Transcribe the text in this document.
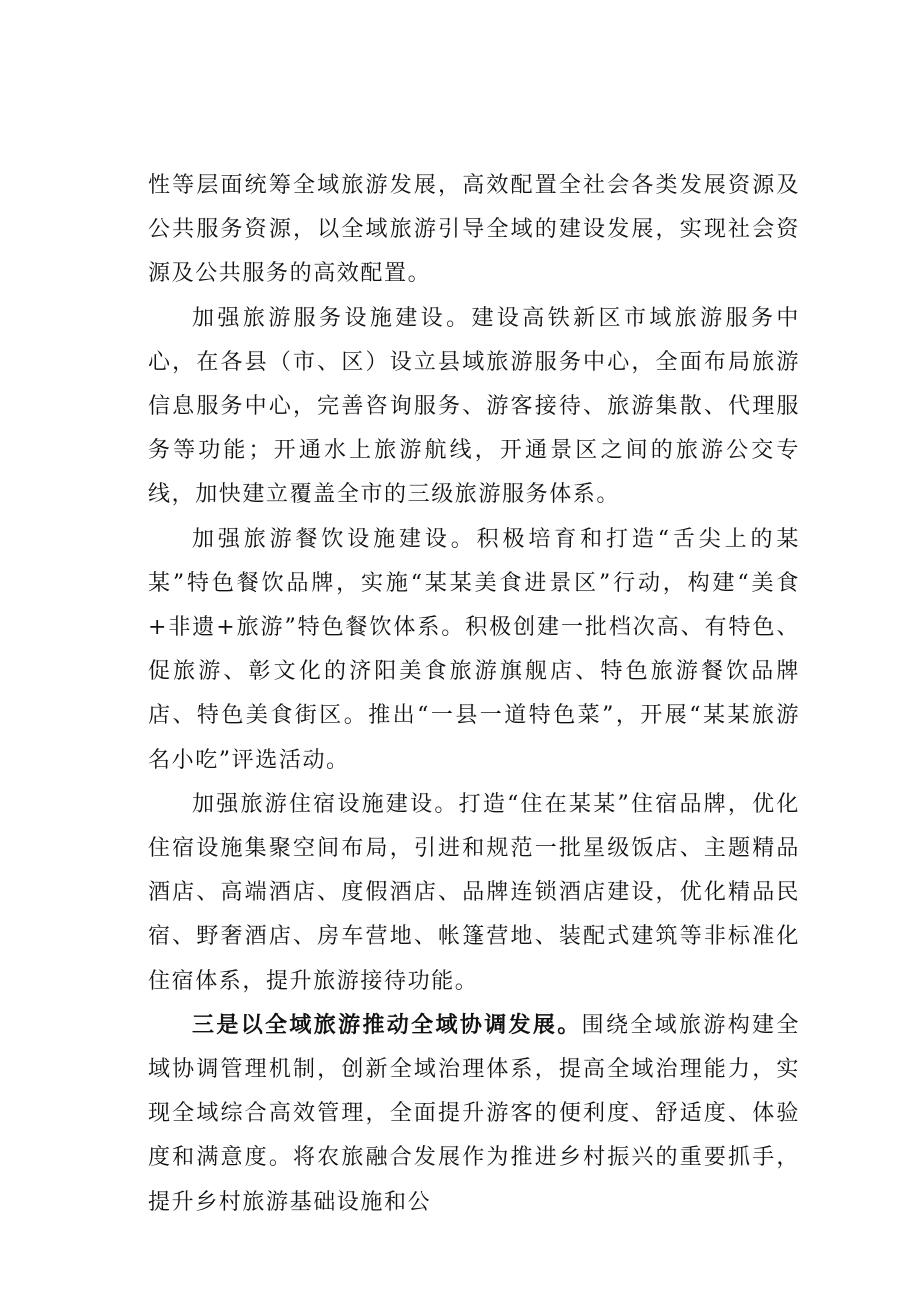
性等层面统筹全域旅游发展，高效配置全社会各类发展资源及公共服务资源，以全域旅游引导全域的建设发展，实现社会资源及公共服务的高效配置。

加强旅游服务设施建设。建设高铁新区市域旅游服务中心，在各县（市、区）设立县域旅游服务中心，全面布局旅游信息服务中心，完善咨询服务、游客接待、旅游集散、代理服务等功能；开通水上旅游航线，开通景区之间的旅游公交专线，加快建立覆盖全市的三级旅游服务体系。

加强旅游餐饮设施建设。积极培育和打造“舌尖上的某某”特色餐饮品牌，实施“某某美食进景区”行动，构建“美食+非遗+旅游”特色餐饮体系。积极创建一批档次高、有特色、促旅游、彰文化的济阳美食旅游旗舰店、特色旅游餐饮品牌店、特色美食街区。推出“一县一道特色菜”，开展“某某旅游名小吃”评选活动。

加强旅游住宿设施建设。打造“住在某某”住宿品牌，优化住宿设施集聚空间布局，引进和规范一批星级饭店、主题精品酒店、高端酒店、度假酒店、品牌连锁酒店建设，优化精品民宿、野奢酒店、房车营地、帐篷营地、装配式建筑等非标准化住宿体系，提升旅游接待功能。

三是以全域旅游推动全域协调发展。围绕全域旅游构建全域协调管理机制，创新全域治理体系，提高全域治理能力，实现全域综合高效管理，全面提升游客的便利度、舒适度、体验度和满意度。将农旅融合发展作为推进乡村振兴的重要抓手，提升乡村旅游基础设施和公
